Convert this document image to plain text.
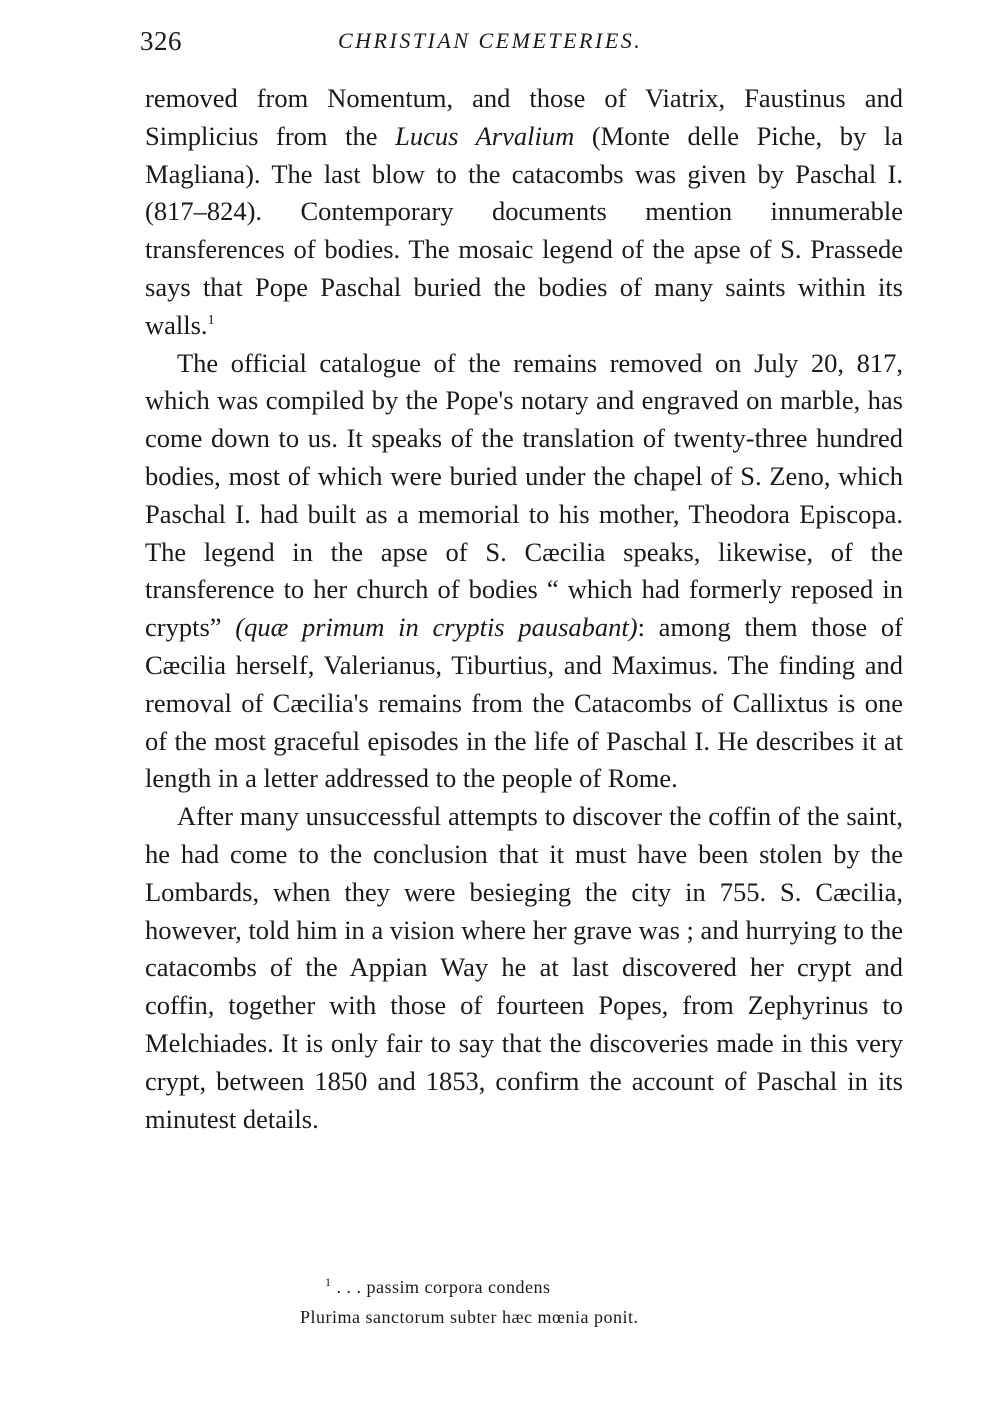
326	CHRISTIAN CEMETERIES.

removed from Nomentum, and those of Viatrix, Faustinus and Simplicius from the Lucus Arvalium (Monte delle Piche, by la Magliana). The last blow to the catacombs was given by Paschal I. (817–824). Contemporary documents mention innumerable transferences of bodies. The mosaic legend of the apse of S. Prassede says that Pope Paschal buried the bodies of many saints within its walls.$^1$

The official catalogue of the remains removed on July 20, 817, which was compiled by the Pope's notary and engraved on marble, has come down to us. It speaks of the translation of twenty-three hundred bodies, most of which were buried under the chapel of S. Zeno, which Paschal I. had built as a memorial to his mother, Theodora Episcopa. The legend in the apse of S. Cæcilia speaks, likewise, of the transference to her church of bodies “ which had formerly reposed in crypts” (quæ primum in cryptis pausabant): among them those of Cæcilia herself, Valerianus, Tiburtius, and Maximus. The finding and removal of Cæcilia's remains from the Catacombs of Callixtus is one of the most graceful episodes in the life of Paschal I. He describes it at length in a letter addressed to the people of Rome.

After many unsuccessful attempts to discover the coffin of the saint, he had come to the conclusion that it must have been stolen by the Lombards, when they were besieging the city in 755. S. Cæcilia, however, told him in a vision where her grave was ; and hurrying to the catacombs of the Appian Way he at last discovered her crypt and coffin, together with those of fourteen Popes, from Zephyrinus to Melchiades. It is only fair to say that the discoveries made in this very crypt, between 1850 and 1853, confirm the account of Paschal in its minutest details.

$^1$ . . . passim corpora condens
Plurima sanctorum subter hæc mœnia ponit.
